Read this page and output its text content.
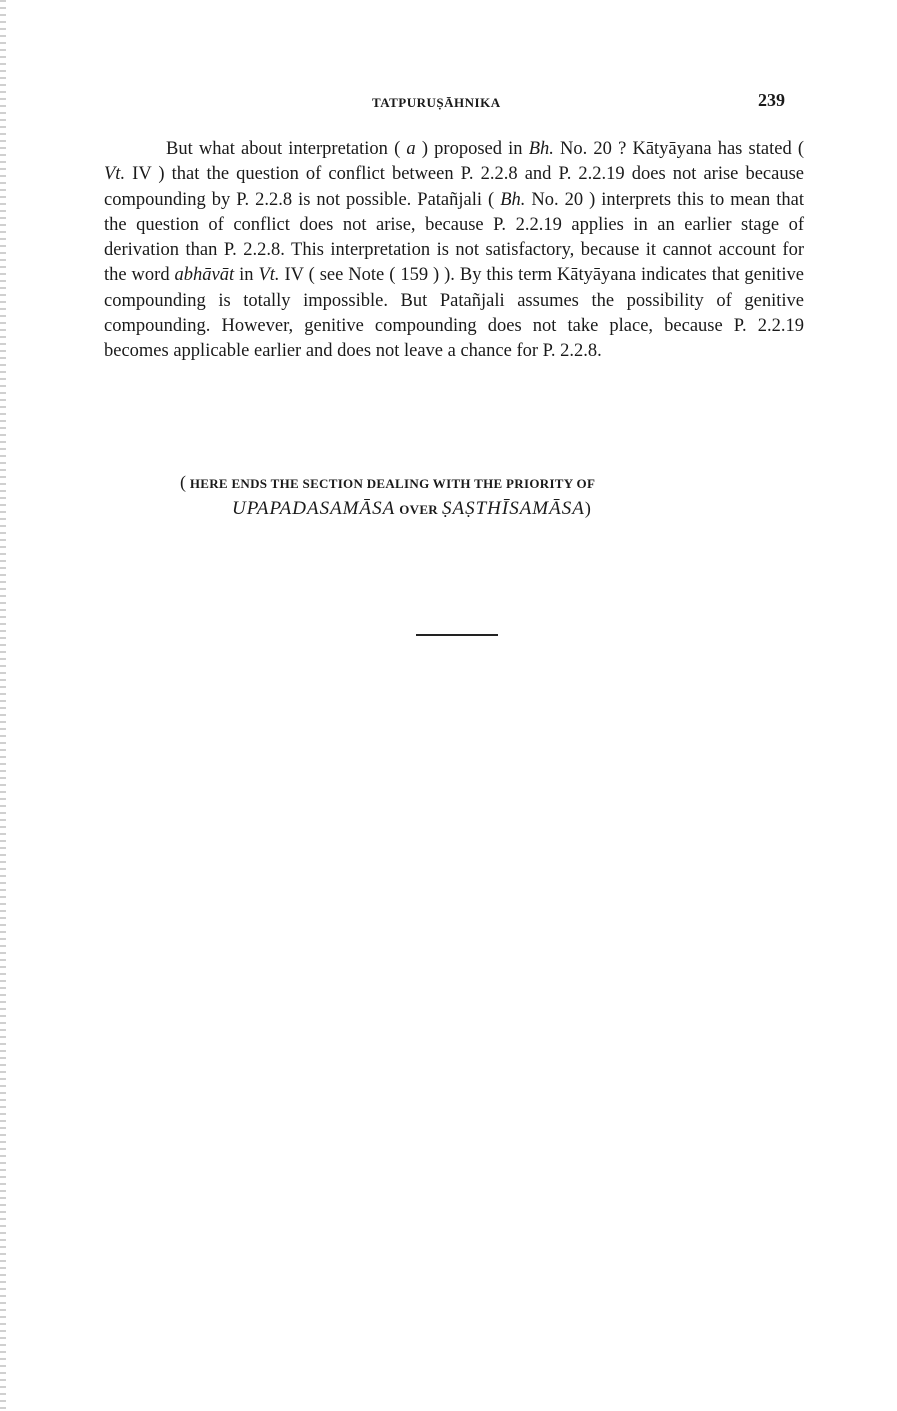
TATPURUṢĀHNIKA	239

But what about interpretation ( a ) proposed in Bh. No. 20 ? Kātyāyana has stated ( Vt. IV ) that the question of conflict between P. 2.2.8 and P. 2.2.19 does not arise because compounding by P. 2.2.8 is not possible. Patañjali ( Bh. No. 20 ) interprets this to mean that the question of conflict does not arise, because P. 2.2.19 applies in an earlier stage of derivation than P. 2.2.8. This interpretation is not satisfactory, because it cannot account for the word abhāvāt in Vt. IV ( see Note ( 159 ) ). By this term Kātyāyana indicates that genitive compounding is totally impossible. But Patañjali assumes the possibility of genitive compounding. However, genitive compounding does not take place, because P. 2.2.19 becomes applicable earlier and does not leave a chance for P. 2.2.8.

( HERE ENDS THE SECTION DEALING WITH THE PRIORITY OF
UPAPADASAMĀSA OVER ṢAṢTHĪSAMĀSA)
